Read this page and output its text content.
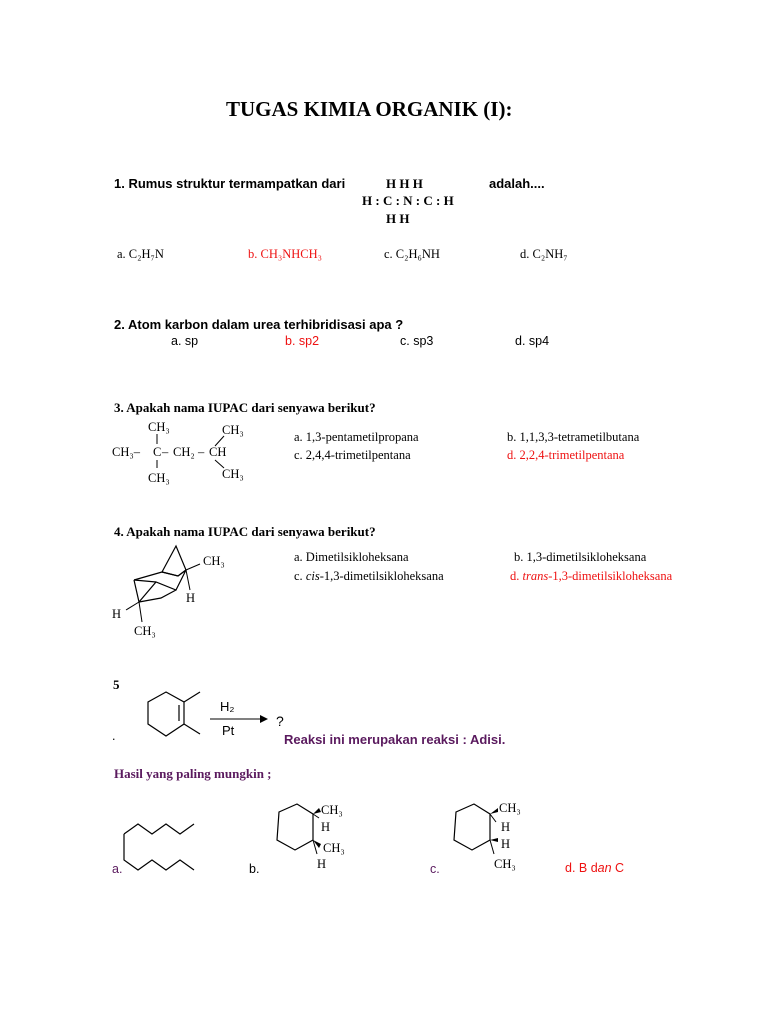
TUGAS KIMIA ORGANIK (I):
1. Rumus struktur termampatkan dari	H H H
H : C : N : C : H
H H
adalah....
a. C₂H₇N	b. CH₃NHCH₃	c. C₂H₆NH	d. C₂NH₇
2. Atom karbon dalam urea terhibridisasi apa ?
a. sp	b. sp2	c. sp3	d. sp4
3. Apakah nama IUPAC dari senyawa berikut?
CH₃
CH₃– C – CH₂ – CH
CH₃
CH₃
CH₃
a. 1,3-pentametilpropana	b. 1,1,3,3-tetrametilbutana
c. 2,4,4-trimetilpentana	d. 2,2,4-trimetilpentana
4. Apakah nama IUPAC dari senyawa berikut?
CH₃
H
H
CH₃
a. Dimetilsikloheksana	b. 1,3-dimetilsikloheksana
c. cis-1,3-dimetilsikloheksana	d. trans-1,3-dimetilsikloheksana
5
.
H₂
Pt
?
Reaksi ini merupakan reaksi : Adisi.
Hasil yang paling mungkin ;
a.
CH₃
H
CH₃
H
b.
CH₃
H
H
CH₃
c.	d. B dan C
